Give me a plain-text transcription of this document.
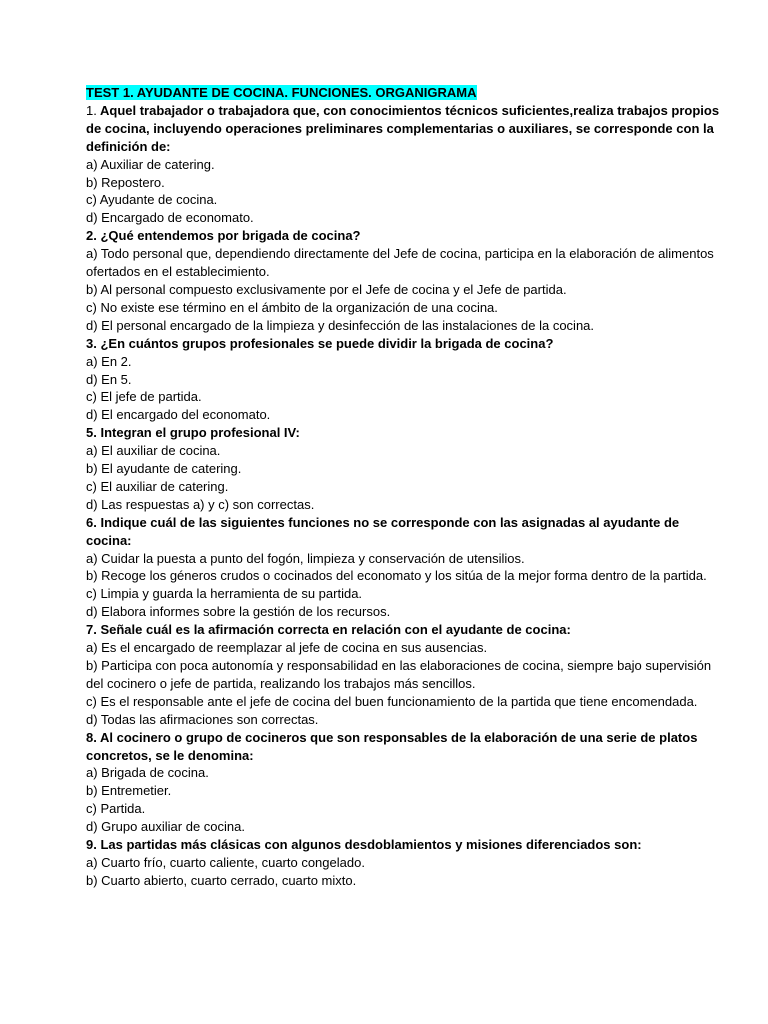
TEST 1. AYUDANTE DE COCINA. FUNCIONES. ORGANIGRAMA

1. Aquel trabajador o trabajadora que, con conocimientos técnicos suficientes,realiza trabajos propios de cocina, incluyendo operaciones preliminares complementarias o auxiliares, se corresponde con la definición de:

a) Auxiliar de catering.

b) Repostero.

c) Ayudante de cocina.

d) Encargado de economato.

2. ¿Qué entendemos por brigada de cocina?

a) Todo personal que, dependiendo directamente del Jefe de cocina, participa en la elaboración de alimentos ofertados en el establecimiento.

b) Al personal compuesto exclusivamente por el Jefe de cocina y el Jefe de partida.

c) No existe ese término en el ámbito de la organización de una cocina.

d) El personal encargado de la limpieza y desinfección de las instalaciones de la cocina.

3. ¿En cuántos grupos profesionales se puede dividir la brigada de cocina?

a) En 2.

d) En 5.

c) El jefe de partida.

d) El encargado del economato.

5. Integran el grupo profesional IV:

a) El auxiliar de cocina.

b) El ayudante de catering.

c) El auxiliar de catering.

d) Las respuestas a) y c) son correctas.

6. Indique cuál de las siguientes funciones no se corresponde con las asignadas al ayudante de cocina:

a) Cuidar la puesta a punto del fogón, limpieza y conservación de utensilios.

b) Recoge los géneros crudos o cocinados del economato y los sitúa de la mejor forma dentro de la partida.

c) Limpia y guarda la herramienta de su partida.

d) Elabora informes sobre la gestión de los recursos.

7. Señale cuál es la afirmación correcta en relación con el ayudante de cocina:

a) Es el encargado de reemplazar al jefe de cocina en sus ausencias.

b) Participa con poca autonomía y responsabilidad en las elaboraciones de cocina, siempre bajo supervisión del cocinero o jefe de partida, realizando los trabajos más sencillos.

c) Es el responsable ante el jefe de cocina del buen funcionamiento de la partida que tiene encomendada.

d) Todas las afirmaciones son correctas.

8. Al cocinero o grupo de cocineros que son responsables de la elaboración de una serie de platos concretos, se le denomina:

a) Brigada de cocina.

b) Entremetier.

c) Partida.

d) Grupo auxiliar de cocina.

9. Las partidas más clásicas con algunos desdoblamientos y misiones diferenciados son:

a) Cuarto frío, cuarto caliente, cuarto congelado.

b) Cuarto abierto, cuarto cerrado, cuarto mixto.
